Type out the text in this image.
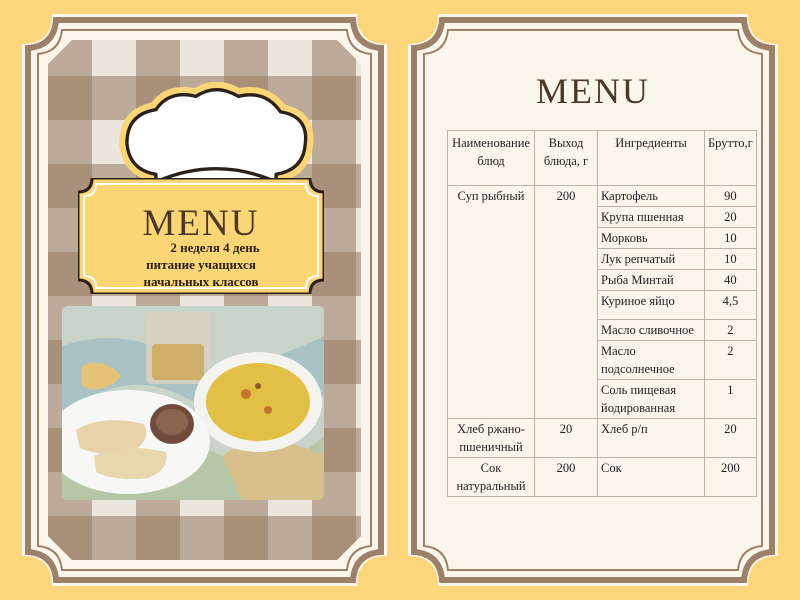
MENU
2 неделя 4 день
питание учащихся
начальных классов
MENU
Наименование блюд	Выход блюда, г	Ингредиенты	Брутто,г
Суп рыбный	200	Картофель	90
		Крупа пшенная	20
		Морковь	10
		Лук репчатый	10
		Рыба Минтай	40
		Куриное яйцо	4,5
		Масло сливочное	2
		Масло подсолнечное	2
		Соль пищевая йодированная	1
Хлеб ржано-пшеничный	20	Хлеб р/п	20
Сок натуральный	200	Сок	200
